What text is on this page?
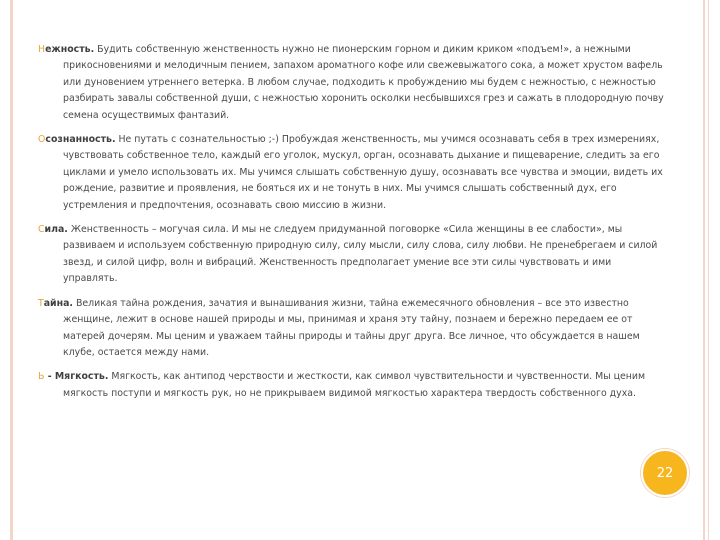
Нежность. Будить собственную женственность нужно не пионерским горном и диким криком «подъем!», а нежными прикосновениями и мелодичным пением, запахом ароматного кофе или свежевыжатого сока, а может хрустом вафель или дуновением утреннего ветерка. В любом случае, подходить к пробуждению мы будем с нежностью, с нежностью разбирать завалы собственной души, с нежностью хоронить осколки несбывшихся грез и сажать в плодородную почву семена осуществимых фантазий.

Осознанность. Не путать с сознательностью ;-) Пробуждая женственность, мы учимся осознавать себя в трех измерениях, чувствовать собственное тело, каждый его уголок, мускул, орган, осознавать дыхание и пищеварение, следить за его циклами и умело использовать их. Мы учимся слышать собственную душу, осознавать все чувства и эмоции, видеть их рождение, развитие и проявления, не бояться их и не тонуть в них. Мы учимся слышать собственный дух, его устремления и предпочтения, осознавать свою миссию в жизни.

Сила. Женственность – могучая сила. И мы не следуем придуманной поговорке «Сила женщины в ее слабости», мы развиваем и используем собственную природную силу, силу мысли, силу слова, силу любви. Не пренебрегаем и силой звезд, и силой цифр, волн и вибраций. Женственность предполагает умение все эти силы чувствовать и ими управлять.

Тайна. Великая тайна рождения, зачатия и вынашивания жизни, тайна ежемесячного обновления – все это известно женщине, лежит в основе нашей природы и мы, принимая и храня эту тайну, познаем и бережно передаем ее от матерей дочерям. Мы ценим и уважаем тайны природы и тайны друг друга. Все личное, что обсуждается в нашем клубе, остается между нами.

Ь - Мягкость. Мягкость, как антипод черствости и жесткости, как символ чувствительности и чувственности. Мы ценим мягкость поступи и мягкость рук, но не прикрываем видимой мягкостью характера твердость собственного духа.

22
